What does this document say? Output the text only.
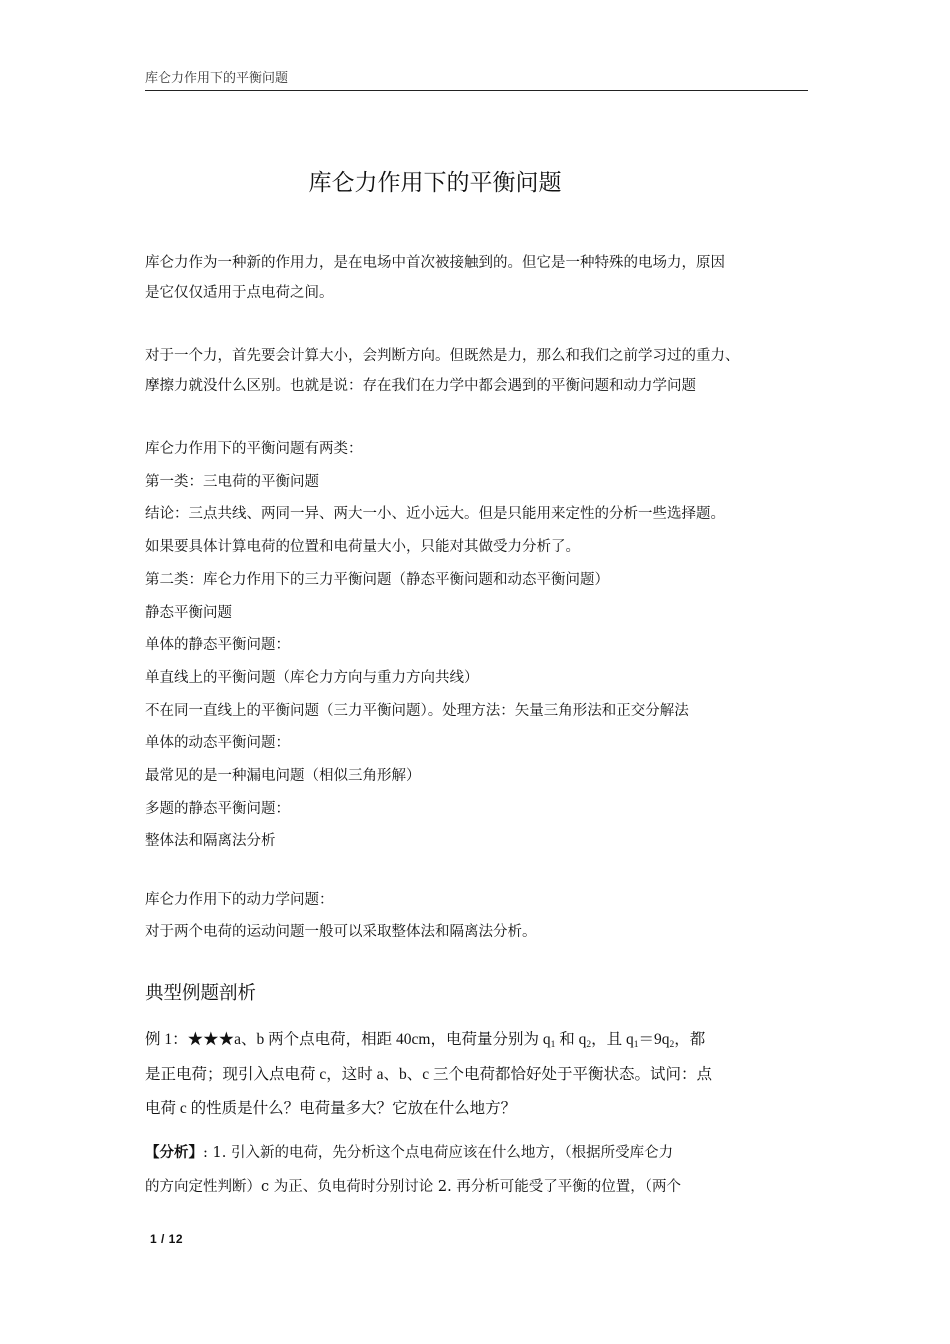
库仑力作用下的平衡问题
库仑力作用下的平衡问题
库仑力作为一种新的作用力，是在电场中首次被接触到的。但它是一种特殊的电场力，原因
是它仅仅适用于点电荷之间。
对于一个力，首先要会计算大小，会判断方向。但既然是力，那么和我们之前学习过的重力、
摩擦力就没什么区别。也就是说：存在我们在力学中都会遇到的平衡问题和动力学问题
库仑力作用下的平衡问题有两类：
第一类：三电荷的平衡问题
结论：三点共线、两同一异、两大一小、近小远大。但是只能用来定性的分析一些选择题。
如果要具体计算电荷的位置和电荷量大小，只能对其做受力分析了。
第二类：库仑力作用下的三力平衡问题（静态平衡问题和动态平衡问题）
静态平衡问题
单体的静态平衡问题：
单直线上的平衡问题（库仑力方向与重力方向共线）
不在同一直线上的平衡问题（三力平衡问题）。处理方法：矢量三角形法和正交分解法
单体的动态平衡问题：
最常见的是一种漏电问题（相似三角形解）
多题的静态平衡问题：
整体法和隔离法分析
库仑力作用下的动力学问题：
对于两个电荷的运动问题一般可以采取整体法和隔离法分析。
典型例题剖析
例 1：★★★a、b 两个点电荷，相距 40cm，电荷量分别为 $q_1$ 和 $q_2$，且 $q_1=9q_2$，都
是正电荷；现引入点电荷 c，这时 a、b、c 三个电荷都恰好处于平衡状态。试问：点
电荷 c 的性质是什么？电荷量多大？它放在什么地方？
【分析】: 1. 引入新的电荷，先分析这个点电荷应该在什么地方，（根据所受库仑力
的方向定性判断）c 为正、负电荷时分别讨论 2. 再分析可能受了平衡的位置，（两个
1 / 12
